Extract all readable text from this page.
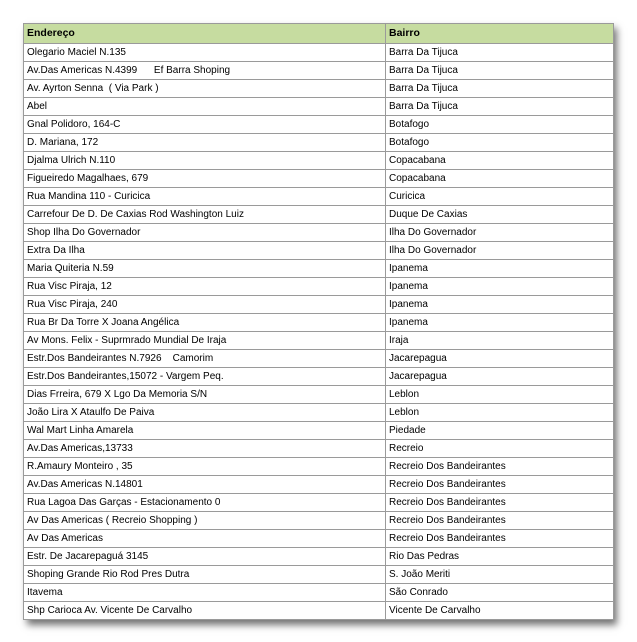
Endereço	Bairro
Olegario Maciel N.135	Barra Da Tijuca
Av.Das Americas N.4399      Ef Barra Shoping	Barra Da Tijuca
Av. Ayrton Senna  ( Via Park )	Barra Da Tijuca
Abel	Barra Da Tijuca
Gnal Polidoro, 164-C	Botafogo
D. Mariana, 172	Botafogo
Djalma Ulrich N.110	Copacabana
Figueiredo Magalhaes, 679	Copacabana
Rua Mandina 110 - Curicica	Curicica
Carrefour De D. De Caxias Rod Washington Luiz	Duque De Caxias
Shop Ilha Do Governador	Ilha Do Governador
Extra Da Ilha	Ilha Do Governador
Maria Quiteria N.59	Ipanema
Rua Visc Piraja, 12	Ipanema
Rua Visc Piraja, 240	Ipanema
Rua Br Da Torre X Joana Angélica	Ipanema
Av Mons. Felix - Suprmrado Mundial De Iraja	Iraja
Estr.Dos Bandeirantes N.7926    Camorim	Jacarepagua
Estr.Dos Bandeirantes,15072 - Vargem Peq.	Jacarepagua
Dias Frreira, 679 X Lgo Da Memoria S/N	Leblon
João Lira X Ataulfo De Paiva	Leblon
Wal Mart Linha Amarela	Piedade
Av.Das Americas,13733	Recreio
R.Amaury Monteiro , 35	Recreio Dos Bandeirantes
Av.Das Americas N.14801	Recreio Dos Bandeirantes
Rua Lagoa Das Garças - Estacionamento 0	Recreio Dos Bandeirantes
Av Das Americas ( Recreio Shopping )	Recreio Dos Bandeirantes
Av Das Americas	Recreio Dos Bandeirantes
Estr. De Jacarepaguá 3145	Rio Das Pedras
Shoping Grande Rio Rod Pres Dutra	S. João Meriti
Itavema	São Conrado
Shp Carioca Av. Vicente De Carvalho	Vicente De Carvalho
